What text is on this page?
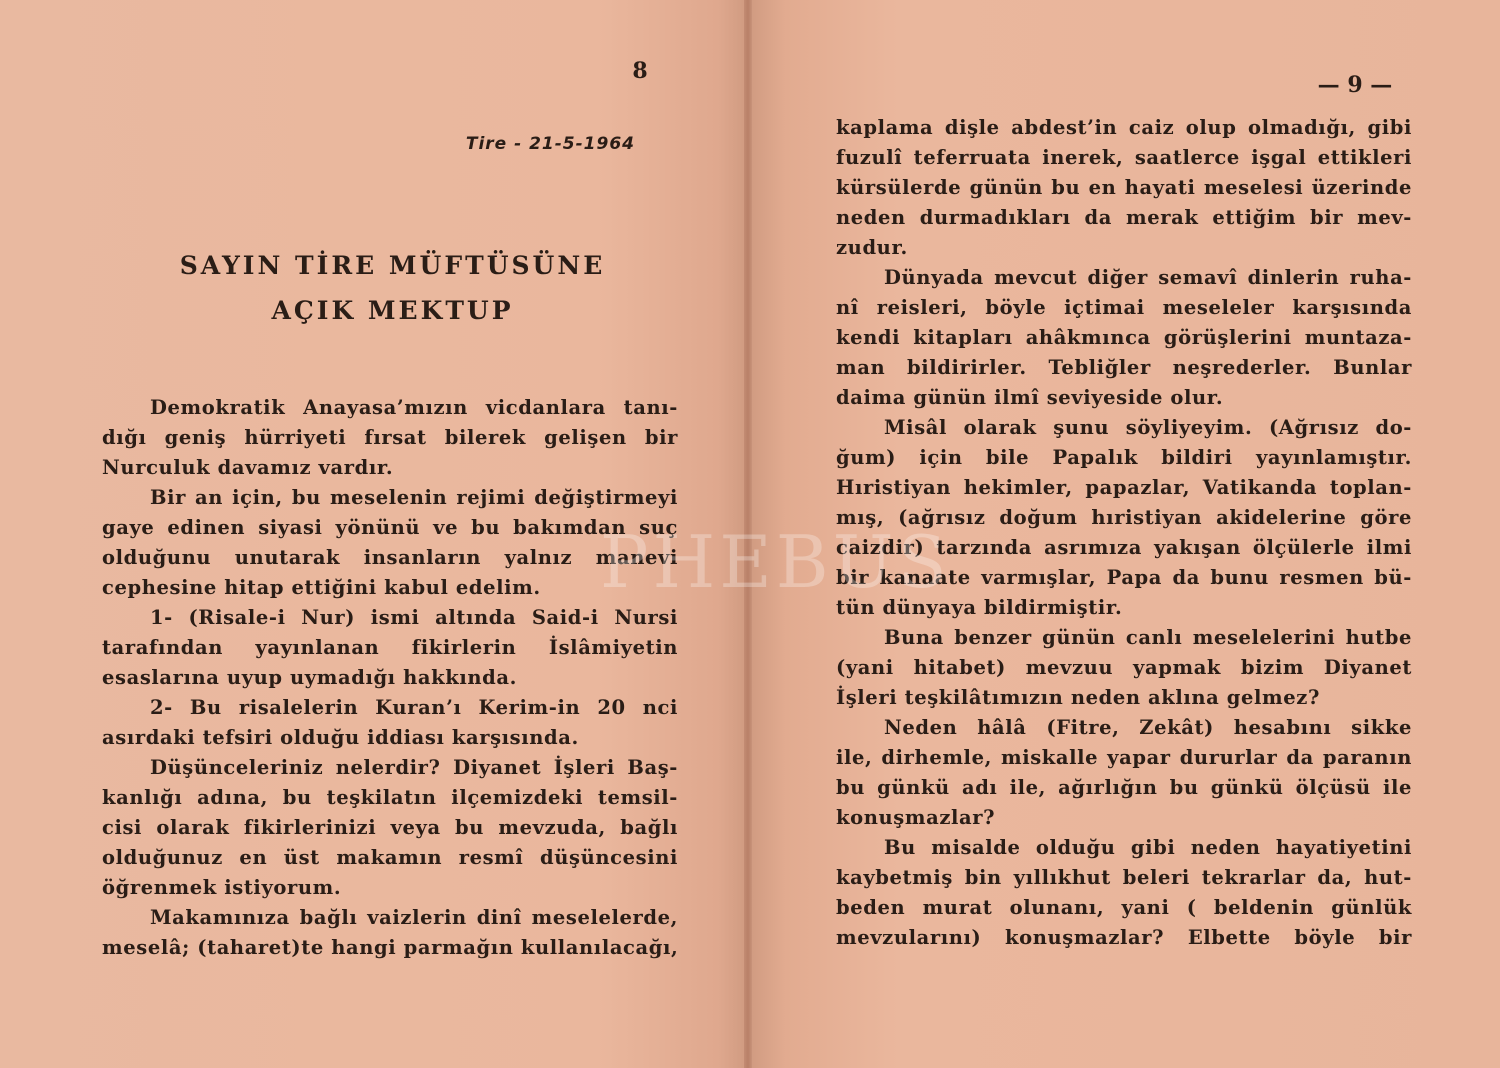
8
Tire - 21-5-1964
SAYIN TİRE MÜFTÜSÜNE
AÇIK MEKTUP

Demokratik Anayasa’mızın vicdanlara tanı-

dığı geniş hürriyeti fırsat bilerek gelişen bir

Nurculuk davamız vardır.

Bir an için, bu meselenin rejimi değiştirmeyi

gaye edinen siyasi yönünü ve bu bakımdan suç

olduğunu unutarak insanların yalnız manevi

cephesine hitap ettiğini kabul edelim.

1- (Risale-i Nur) ismi altında Said-i Nursi

tarafından yayınlanan fikirlerin İslâmiyetin

esaslarına uyup uymadığı hakkında.

2- Bu risalelerin Kuran’ı Kerim-in 20 nci

asırdaki tefsiri olduğu iddiası karşısında.

Düşünceleriniz nelerdir? Diyanet İşleri Baş-

kanlığı adına, bu teşkilatın ilçemizdeki temsil-

cisi olarak fikirlerinizi veya bu mevzuda, bağlı

olduğunuz en üst makamın resmî düşüncesini

öğrenmek istiyorum.

Makamınıza bağlı vaizlerin dinî meselelerde,

meselâ; (taharet)te hangi parmağın kullanılacağı,

— 9 —

kaplama dişle abdest’in caiz olup olmadığı, gibi

fuzulî teferruata inerek, saatlerce işgal ettikleri

kürsülerde günün bu en hayati meselesi üzerinde

neden durmadıkları da merak ettiğim bir mev-

zudur.

Dünyada mevcut diğer semavî dinlerin ruha-

nî reisleri, böyle içtimai meseleler karşısında

kendi kitapları ahâkmınca görüşlerini muntaza-

man bildirirler. Tebliğler neşrederler. Bunlar

daima günün ilmî seviyeside olur.

Misâl olarak şunu söyliyeyim. (Ağrısız do-

ğum) için bile Papalık bildiri yayınlamıştır.

Hıristiyan hekimler, papazlar, Vatikanda toplan-

mış, (ağrısız doğum hıristiyan akidelerine göre

caizdir) tarzında asrımıza yakışan ölçülerle ilmi

bir kanaate varmışlar, Papa da bunu resmen bü-

tün dünyaya bildirmiştir.

Buna benzer günün canlı meselelerini hutbe

(yani hitabet) mevzuu yapmak bizim Diyanet

İşleri teşkilâtımızın neden aklına gelmez?

Neden hâlâ (Fitre, Zekât) hesabını sikke

ile, dirhemle, miskalle yapar dururlar da paranın

bu günkü adı ile, ağırlığın bu günkü ölçüsü ile

konuşmazlar?

Bu misalde olduğu gibi neden hayatiyetini

kaybetmiş bin yıllıkhut beleri tekrarlar da, hut-

beden murat olunanı, yani ( beldenin günlük

mevzularını) konuşmazlar? Elbette böyle bir

PHEBUS
